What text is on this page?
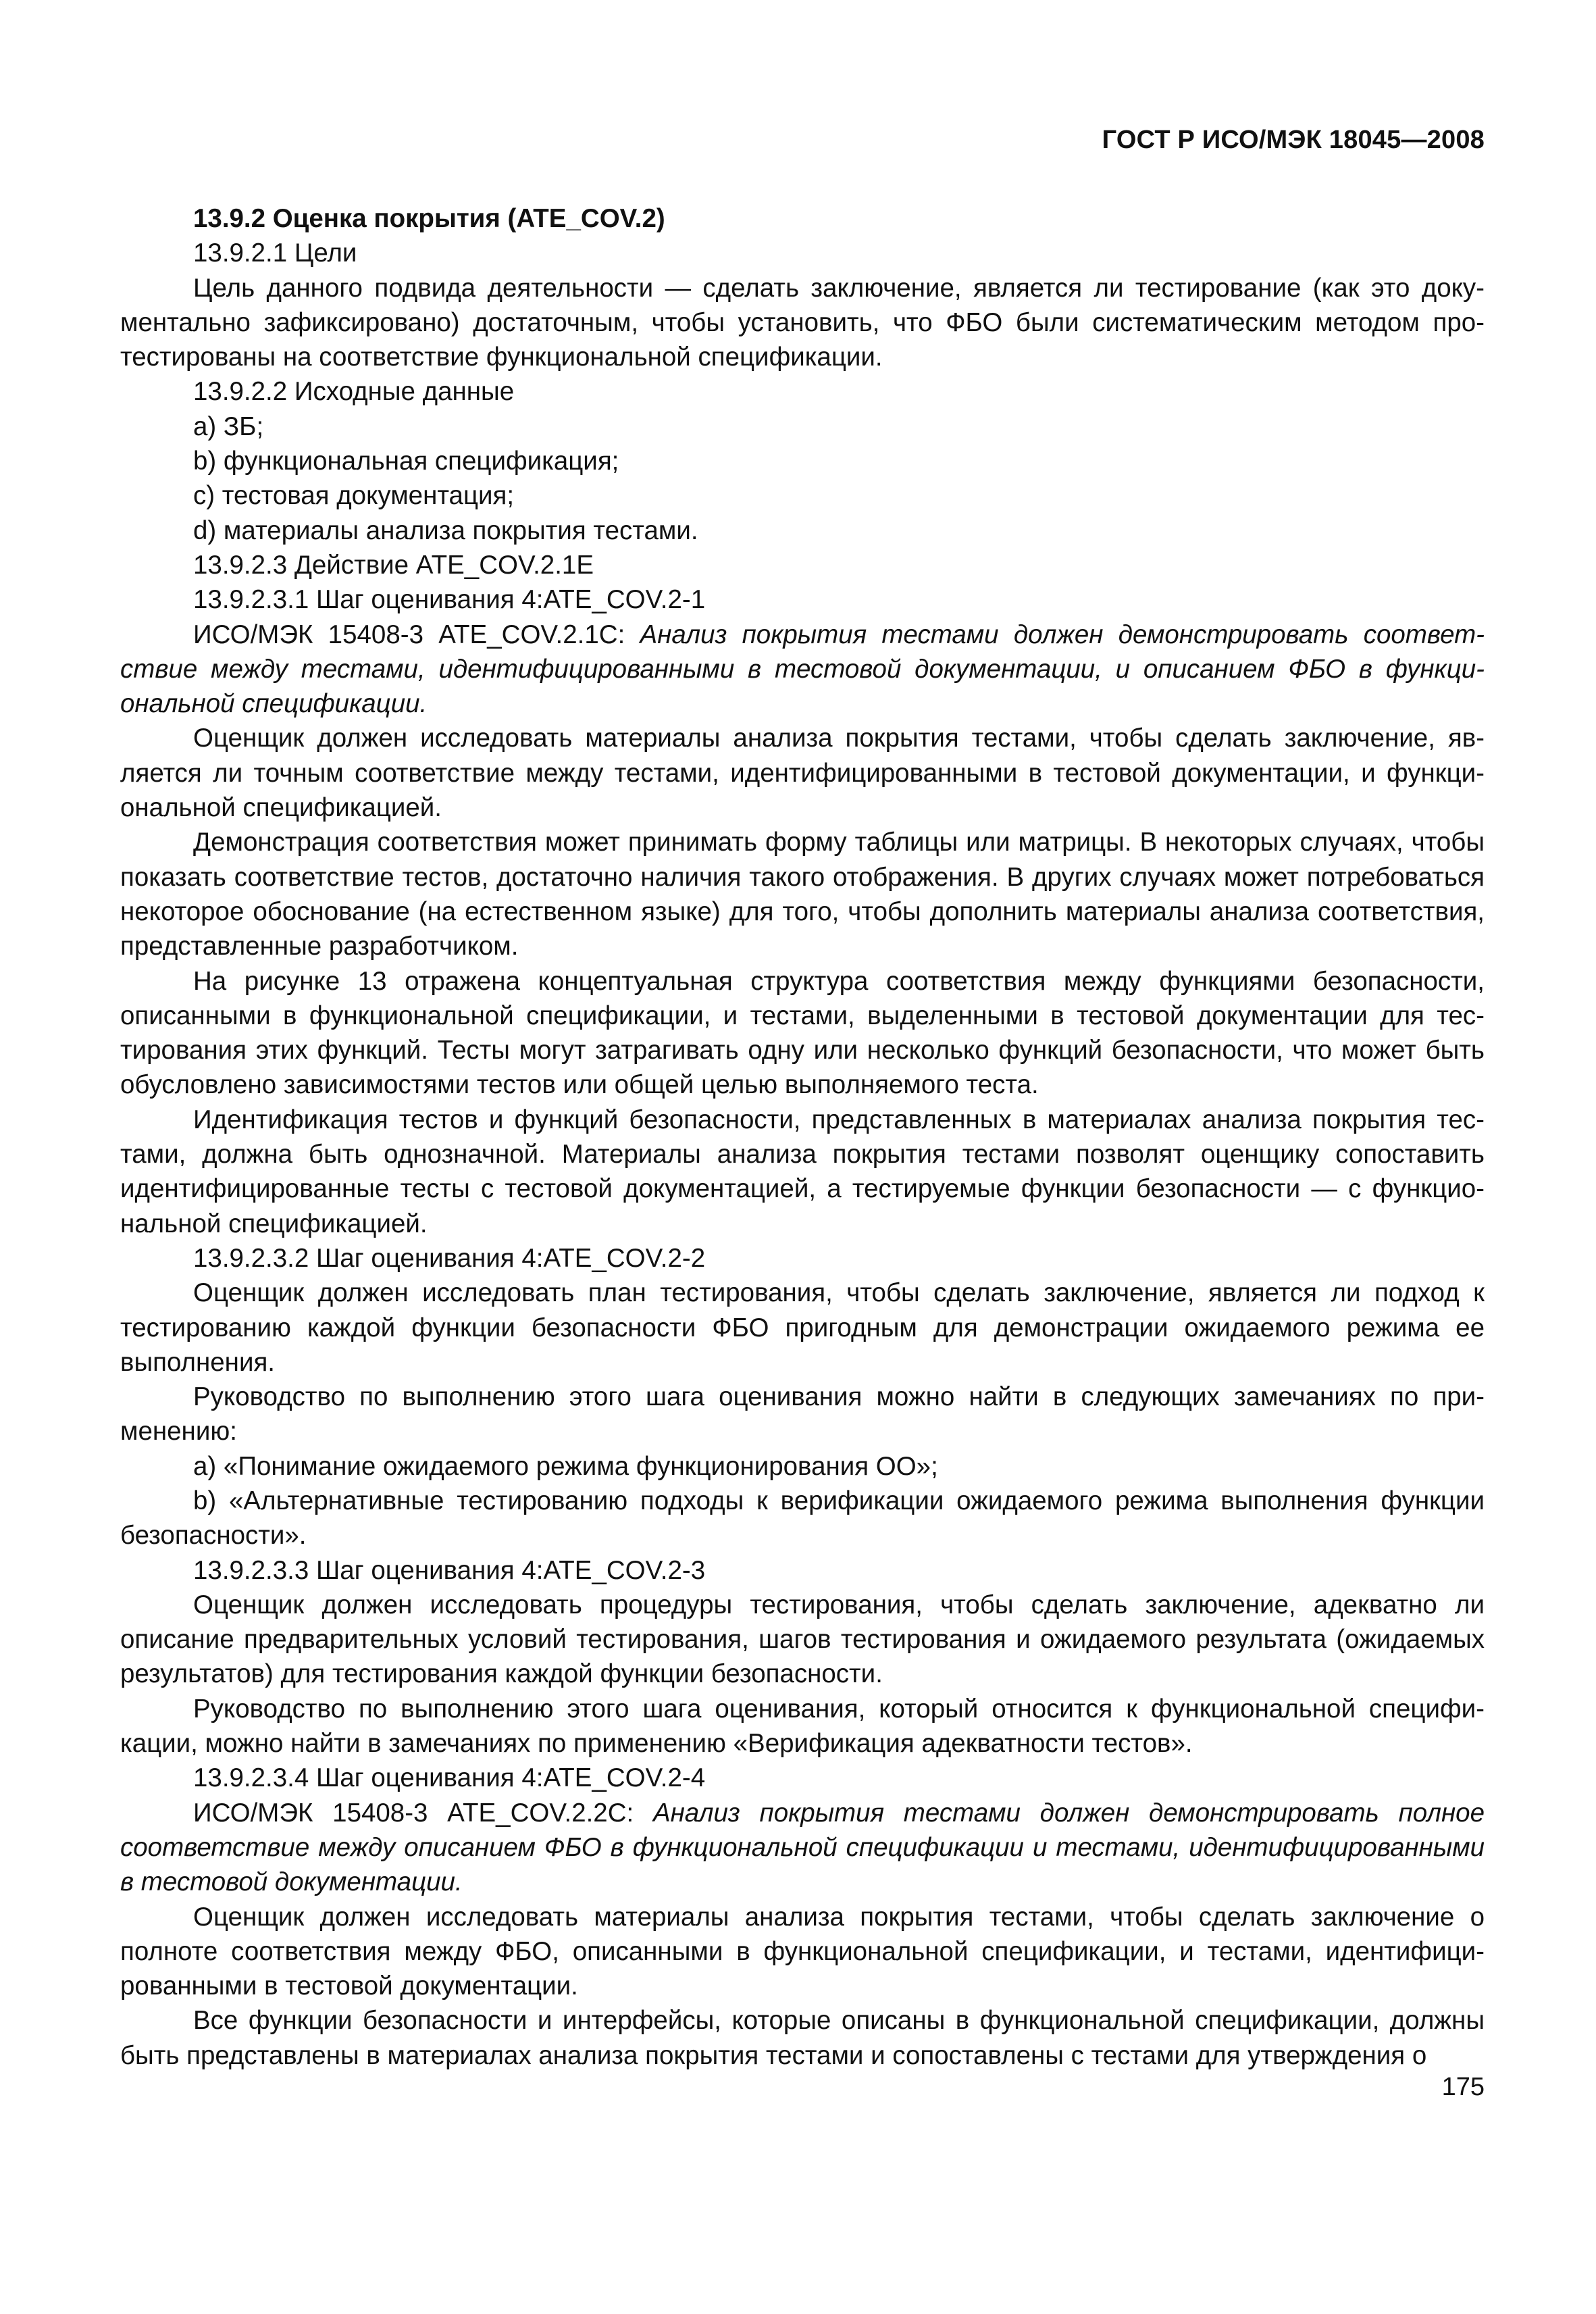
ГОСТ Р ИСО/МЭК 18045—2008

13.9.2 Оценка покрытия (ATE_COV.2)

13.9.2.1 Цели

Цель данного подвида деятельности — сделать заключение, является ли тестирование (как это документально зафиксировано) достаточным, чтобы установить, что ФБО были систематическим методом протестированы на соответствие функциональной спецификации.

13.9.2.2 Исходные данные

a) ЗБ;

b) функциональная спецификация;

c) тестовая документация;

d) материалы анализа покрытия тестами.

13.9.2.3 Действие ATE_COV.2.1E

13.9.2.3.1 Шаг оценивания 4:ATE_COV.2-1

ИСО/МЭК 15408-3 ATE_COV.2.1C: Анализ покрытия тестами должен демонстрировать соответствие между тестами, идентифицированными в тестовой документации, и описанием ФБО в функциональной спецификации.

Оценщик должен исследовать материалы анализа покрытия тестами, чтобы сделать заключение, является ли точным соответствие между тестами, идентифицированными в тестовой документации, и функциональной спецификацией.

Демонстрация соответствия может принимать форму таблицы или матрицы. В некоторых случаях, чтобы показать соответствие тестов, достаточно наличия такого отображения. В других случаях может потребоваться некоторое обоснование (на естественном языке) для того, чтобы дополнить материалы анализа соответствия, представленные разработчиком.

На рисунке 13 отражена концептуальная структура соответствия между функциями безопасности, описанными в функциональной спецификации, и тестами, выделенными в тестовой документации для тестирования этих функций. Тесты могут затрагивать одну или несколько функций безопасности, что может быть обусловлено зависимостями тестов или общей целью выполняемого теста.

Идентификация тестов и функций безопасности, представленных в материалах анализа покрытия тестами, должна быть однозначной. Материалы анализа покрытия тестами позволят оценщику сопоставить идентифицированные тесты с тестовой документацией, а тестируемые функции безопасности — с функциональной спецификацией.

13.9.2.3.2 Шаг оценивания 4:ATE_COV.2-2

Оценщик должен исследовать план тестирования, чтобы сделать заключение, является ли подход к тестированию каждой функции безопасности ФБО пригодным для демонстрации ожидаемого режима ее выполнения.

Руководство по выполнению этого шага оценивания можно найти в следующих замечаниях по применению:

a) «Понимание ожидаемого режима функционирования ОО»;

b) «Альтернативные тестированию подходы к верификации ожидаемого режима выполнения функции безопасности».

13.9.2.3.3 Шаг оценивания 4:ATE_COV.2-3

Оценщик должен исследовать процедуры тестирования, чтобы сделать заключение, адекватно ли описание предварительных условий тестирования, шагов тестирования и ожидаемого результата (ожидаемых результатов) для тестирования каждой функции безопасности.

Руководство по выполнению этого шага оценивания, который относится к функциональной спецификации, можно найти в замечаниях по применению «Верификация адекватности тестов».

13.9.2.3.4 Шаг оценивания 4:ATE_COV.2-4

ИСО/МЭК 15408-3 ATE_COV.2.2C: Анализ покрытия тестами должен демонстрировать полное соответствие между описанием ФБО в функциональной спецификации и тестами, идентифицированными в тестовой документации.

Оценщик должен исследовать материалы анализа покрытия тестами, чтобы сделать заключение о полноте соответствия между ФБО, описанными в функциональной спецификации, и тестами, идентифицированными в тестовой документации.

Все функции безопасности и интерфейсы, которые описаны в функциональной спецификации, должны быть представлены в материалах анализа покрытия тестами и сопоставлены с тестами для утверждения о

175
